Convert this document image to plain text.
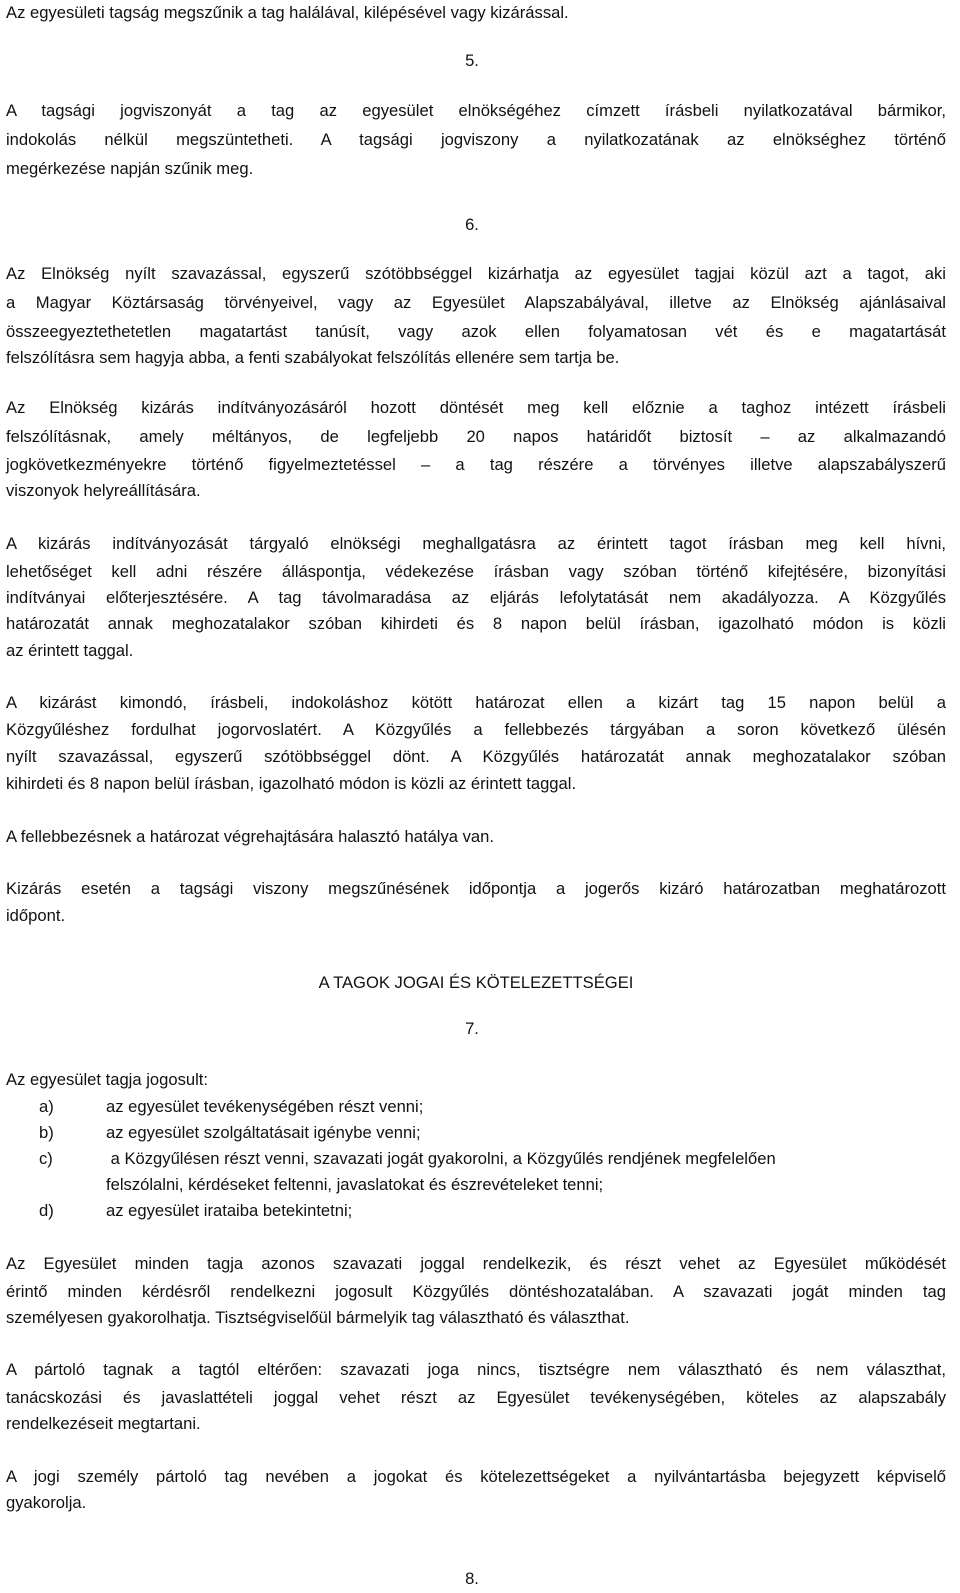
Az egyesületi tagság megszűnik a tag halálával, kilépésével vagy kizárással.
5.
A tagsági jogviszonyát a tag az egyesület elnökségéhez címzett írásbeli nyilatkozatával bármikor,
indokolás nélkül megszüntetheti. A tagsági jogviszony a nyilatkozatának az elnökséghez történő
megérkezése napján szűnik meg.
6.
Az Elnökség nyílt szavazással, egyszerű szótöbbséggel kizárhatja az egyesület tagjai közül azt a tagot, aki
a Magyar Köztársaság törvényeivel, vagy az Egyesület Alapszabályával, illetve az Elnökség ajánlásaival
összeegyeztethetetlen magatartást tanúsít, vagy azok ellen folyamatosan vét és e magatartását
felszólításra sem hagyja abba, a fenti szabályokat felszólítás ellenére sem tartja be.
Az Elnökség kizárás indítványozásáról hozott döntését meg kell előznie a taghoz intézett írásbeli
felszólításnak, amely méltányos, de legfeljebb 20 napos határidőt biztosít – az alkalmazandó
jogkövetkezményekre történő figyelmeztetéssel – a tag részére a törvényes illetve alapszabályszerű
viszonyok helyreállítására.
A kizárás indítványozását tárgyaló elnökségi meghallgatásra az érintett tagot írásban meg kell hívni,
lehetőséget kell adni részére álláspontja, védekezése írásban vagy szóban történő kifejtésére, bizonyítási
indítványai előterjesztésére. A tag távolmaradása az eljárás lefolytatását nem akadályozza. A Közgyűlés
határozatát annak meghozatalakor szóban kihirdeti és 8 napon belül írásban, igazolható módon is közli
az érintett taggal.
A kizárást kimondó, írásbeli, indokoláshoz kötött határozat ellen a kizárt tag 15 napon belül a
Közgyűléshez fordulhat jogorvoslatért. A Közgyűlés a fellebbezés tárgyában a soron következő ülésén
nyílt szavazással, egyszerű szótöbbséggel dönt. A Közgyűlés határozatát annak meghozatalakor szóban
kihirdeti és 8 napon belül írásban, igazolható módon is közli az érintett taggal.
A fellebbezésnek a határozat végrehajtására halasztó hatálya van.
Kizárás esetén a tagsági viszony megszűnésének időpontja a jogerős kizáró határozatban meghatározott
időpont.
A TAGOK JOGAI ÉS KÖTELEZETTSÉGEI
7.
Az egyesület tagja jogosult:
a)	az egyesület tevékenységében részt venni;
b)	az egyesület szolgáltatásait igénybe venni;
c)	a Közgyűlésen részt venni, szavazati jogát gyakorolni, a Közgyűlés rendjének megfelelően
felszólalni, kérdéseket feltenni, javaslatokat és észrevételeket tenni;
d)	az egyesület irataiba betekintetni;
Az Egyesület minden tagja azonos szavazati joggal rendelkezik, és részt vehet az Egyesület működését
érintő minden kérdésről rendelkezni jogosult Közgyűlés döntéshozatalában. A szavazati jogát minden tag
személyesen gyakorolhatja. Tisztségviselőül bármelyik tag választható és választhat.
A pártoló tagnak a tagtól eltérően: szavazati joga nincs, tisztségre nem választható és nem választhat,
tanácskozási és javaslattételi joggal vehet részt az Egyesület tevékenységében, köteles az alapszabály
rendelkezéseit megtartani.
A jogi személy pártoló tag nevében a jogokat és kötelezettségeket a nyilvántartásba bejegyzett képviselő
gyakorolja.
8.
